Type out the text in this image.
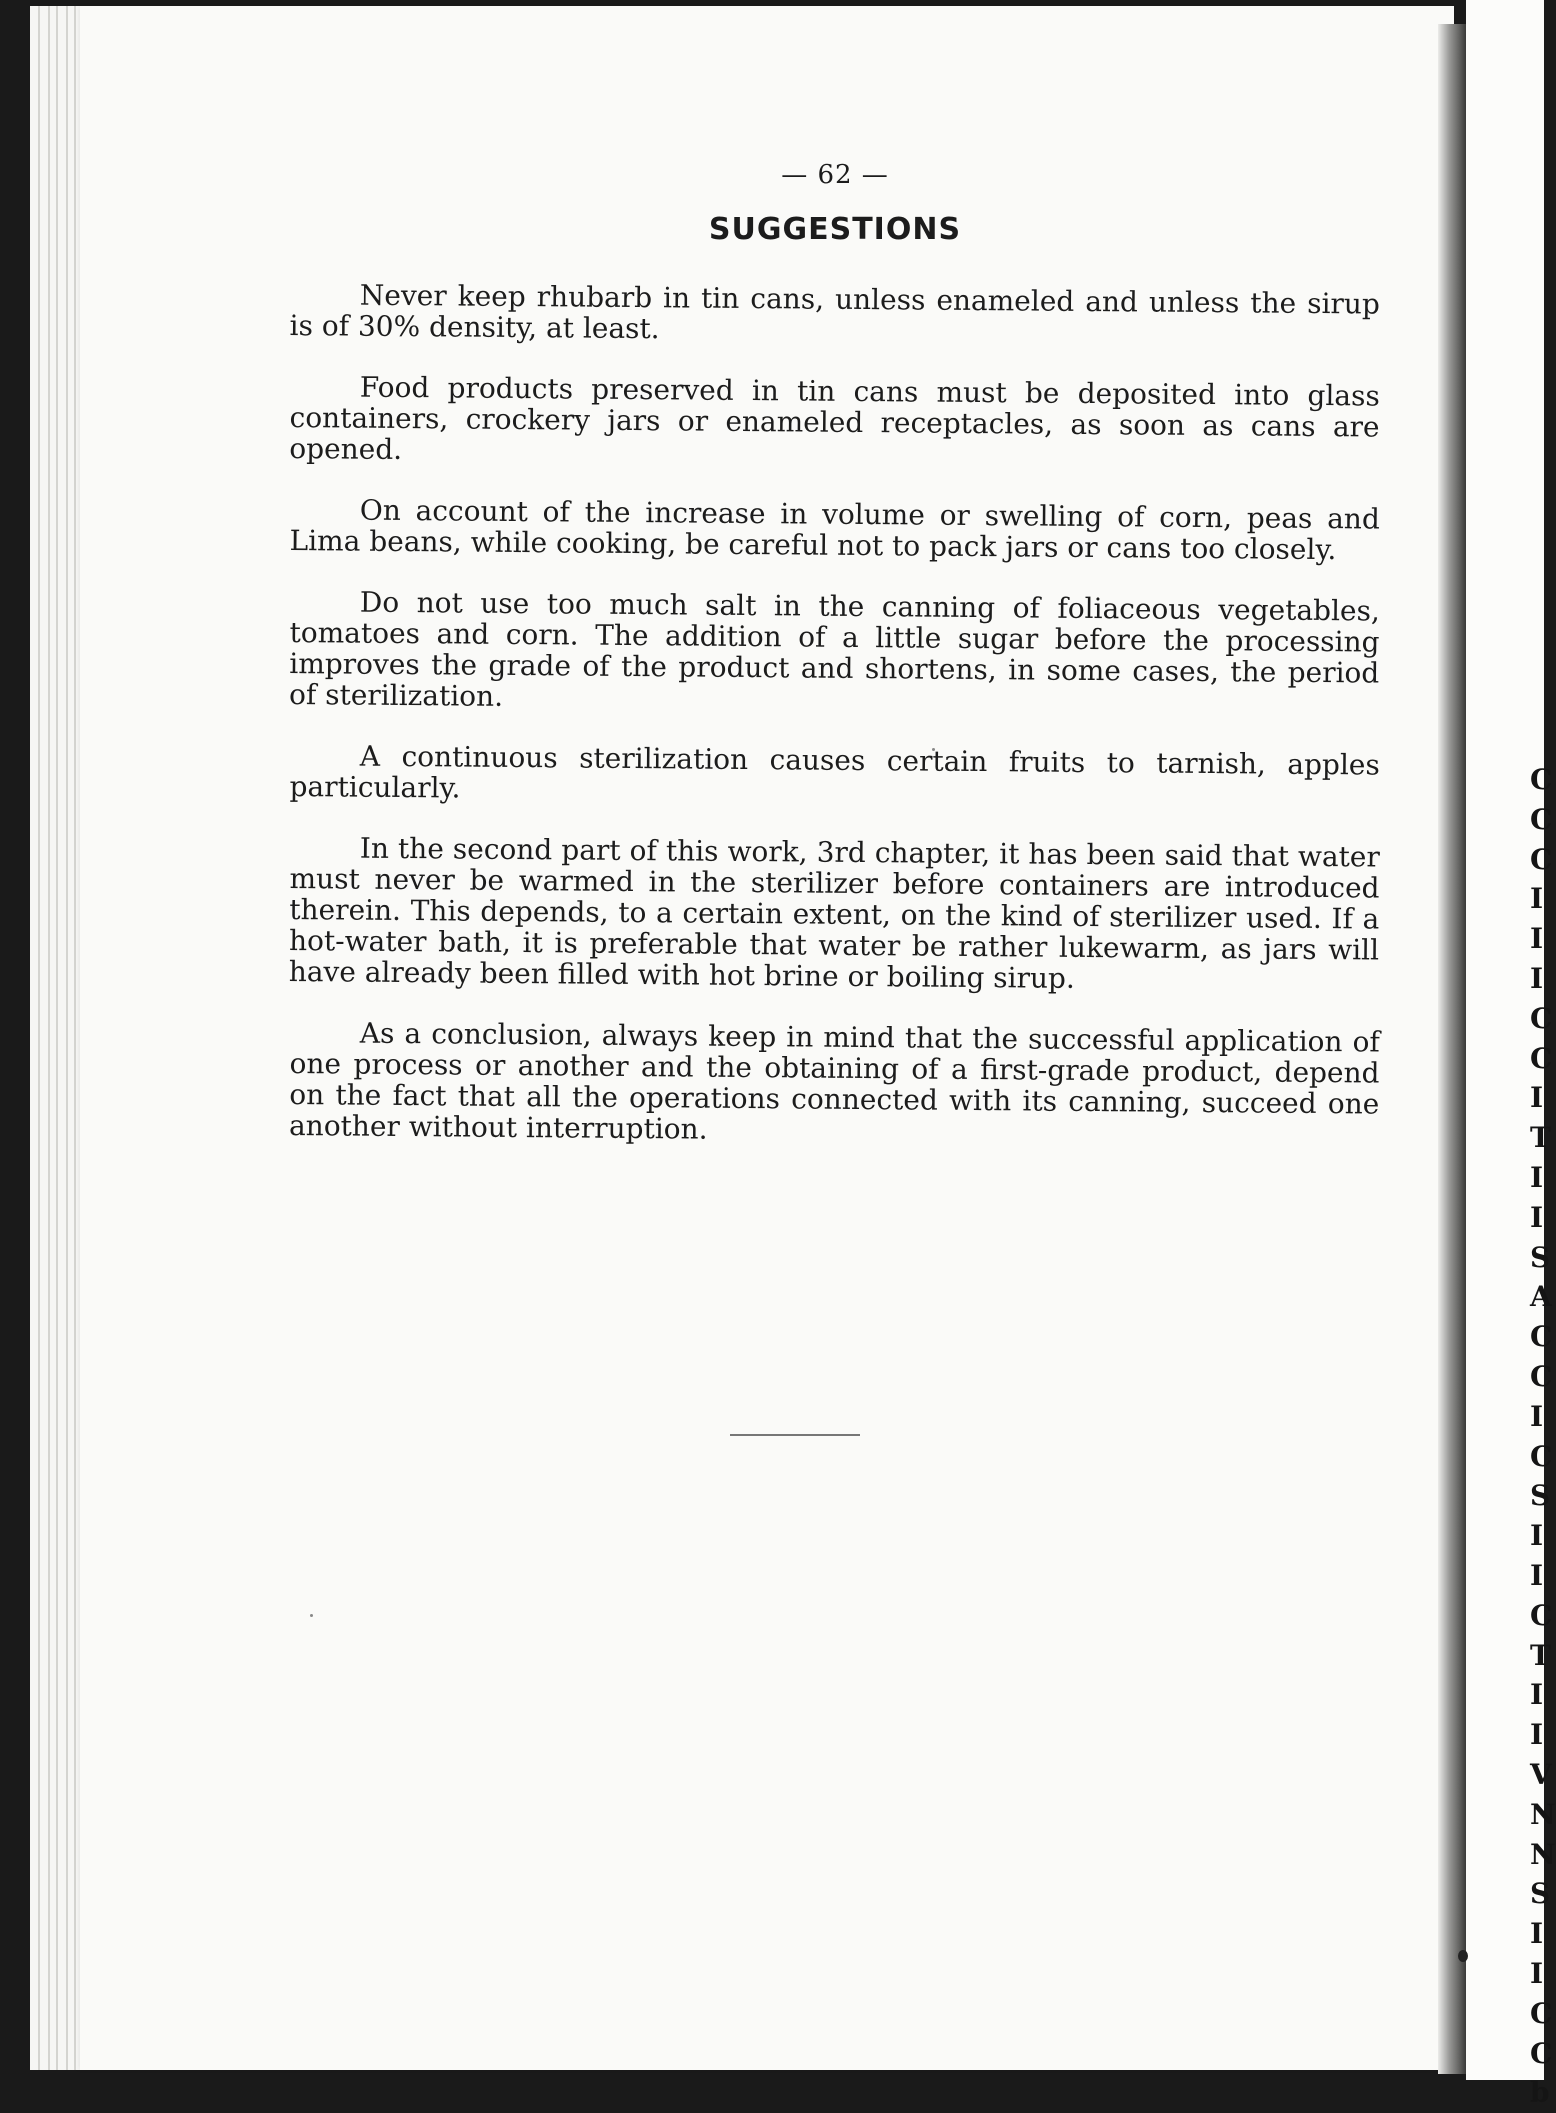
C
C
C
I
I
I
C
C
I
T
I
I
S
A
C
C
I
C
S
I
I
C
T
I
I
V
N
N
S
I
I
C
C
b
— 62 —
SUGGESTIONS

Never keep rhubarb in tin cans, unless enameled and unless the sirup is of 30% density, at least.

Food products preserved in tin cans must be deposited into glass containers, crockery jars or enameled receptacles, as soon as cans are opened.

On account of the increase in volume or swelling of corn, peas and Lima beans, while cooking, be careful not to pack jars or cans too closely.

Do not use too much salt in the canning of foliaceous vegetables, tomatoes and corn. The addition of a little sugar before the processing improves the grade of the product and shortens, in some cases, the period of sterilization.

A continuous sterilization causes certain fruits to tarnish, apples particularly.

In the second part of this work, 3rd chapter, it has been said that water must never be warmed in the sterilizer before containers are introduced therein. This depends, to a certain extent, on the kind of sterilizer used. If a hot-water bath, it is preferable that water be rather lukewarm, as jars will have already been filled with hot brine or boiling sirup.

As a conclusion, always keep in mind that the successful application of one process or another and the obtaining of a first-grade product, depend on the fact that all the operations connected with its canning, succeed one another without interruption.
